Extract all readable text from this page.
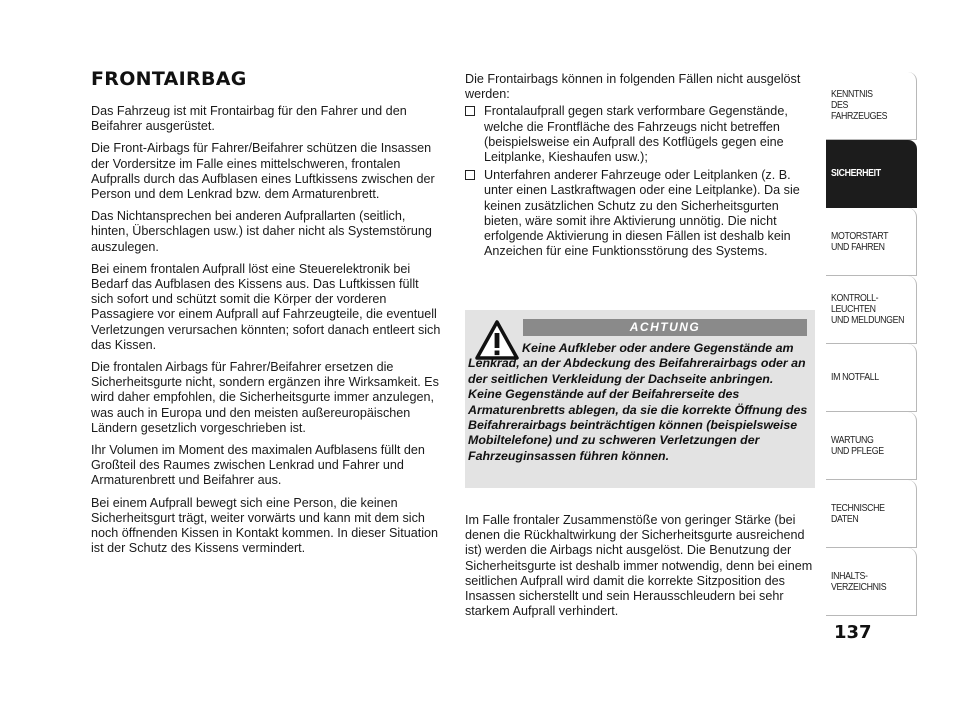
FRONTAIRBAG

Das Fahrzeug ist mit Frontairbag für den Fahrer und den Beifahrer ausgerüstet.

Die Front-Airbags für Fahrer/Beifahrer schützen die Insassen der Vordersitze im Falle eines mittelschweren, frontalen Aufpralls durch das Aufblasen eines Luftkissens zwischen der Person und dem Lenkrad bzw. dem Armaturenbrett.

Das Nichtansprechen bei anderen Aufprallarten (seitlich, hinten, Überschlagen usw.) ist daher nicht als Systemstörung auszulegen.

Bei einem frontalen Aufprall löst eine Steuerelektronik bei Bedarf das Aufblasen des Kissens aus. Das Luftkissen füllt sich sofort und schützt somit die Körper der vorderen Passagiere vor einem Aufprall auf Fahrzeugteile, die eventuell Verletzungen verursachen könnten; sofort danach entleert sich das Kissen.

Die frontalen Airbags für Fahrer/Beifahrer ersetzen die Sicherheitsgurte nicht, sondern ergänzen ihre Wirksamkeit. Es wird daher empfohlen, die Sicherheitsgurte immer anzulegen, was auch in Europa und den meisten außereuropäischen Ländern gesetzlich vorgeschrieben ist.

Ihr Volumen im Moment des maximalen Aufblasens füllt den Großteil des Raumes zwischen Lenkrad und Fahrer und Armaturenbrett und Beifahrer aus.

Bei einem Aufprall bewegt sich eine Person, die keinen Sicherheitsgurt trägt, weiter vorwärts und kann mit dem sich noch öffnenden Kissen in Kontakt kommen. In dieser Situation ist der Schutz des Kissens vermindert.

Die Frontairbags können in folgenden Fällen nicht ausgelöst werden:

Frontalaufprall gegen stark verformbare Gegenstände, welche die Frontfläche des Fahrzeugs nicht betreffen (beispielsweise ein Aufprall des Kotflügels gegen eine Leitplanke, Kieshaufen usw.);
Unterfahren anderer Fahrzeuge oder Leitplanken (z. B. unter einen Lastkraftwagen oder eine Leitplanke). Da sie keinen zusätzlichen Schutz zu den Sicherheitsgurten bieten, wäre somit ihre Aktivierung unnötig. Die nicht erfolgende Aktivierung in diesen Fällen ist deshalb kein Anzeichen für eine Funktionsstörung des Systems.
ACHTUNG
Keine Aufkleber oder andere Gegenstände am Lenkrad, an der Abdeckung des Beifahrerairbags oder an der seitlichen Verkleidung der Dachseite anbringen. Keine Gegenstände auf der Beifahrerseite des Armaturenbretts ablegen, da sie die korrekte Öffnung des Beifahrerairbags beinträchtigen können (beispielsweise Mobiltelefone) und zu schweren Verletzungen der Fahrzeuginsassen führen können.

Im Falle frontaler Zusammenstöße von geringer Stärke (bei denen die Rückhaltwirkung der Sicherheitsgurte ausreichend ist) werden die Airbags nicht ausgelöst. Die Benutzung der Sicherheitsgurte ist deshalb immer notwendig, denn bei einem seitlichen Aufprall wird damit die korrekte Sitzposition des Insassen sicherstellt und sein Herausschleudern bei sehr starkem Aufprall verhindert.

KENNTNIS
DES FAHRZEUGES
SICHERHEIT
MOTORSTART
UND FAHREN
KONTROLL-
LEUCHTEN
UND MELDUNGEN
IM NOTFALL
WARTUNG
UND PFLEGE
TECHNISCHE
DATEN
INHALTS-
VERZEICHNIS
137
